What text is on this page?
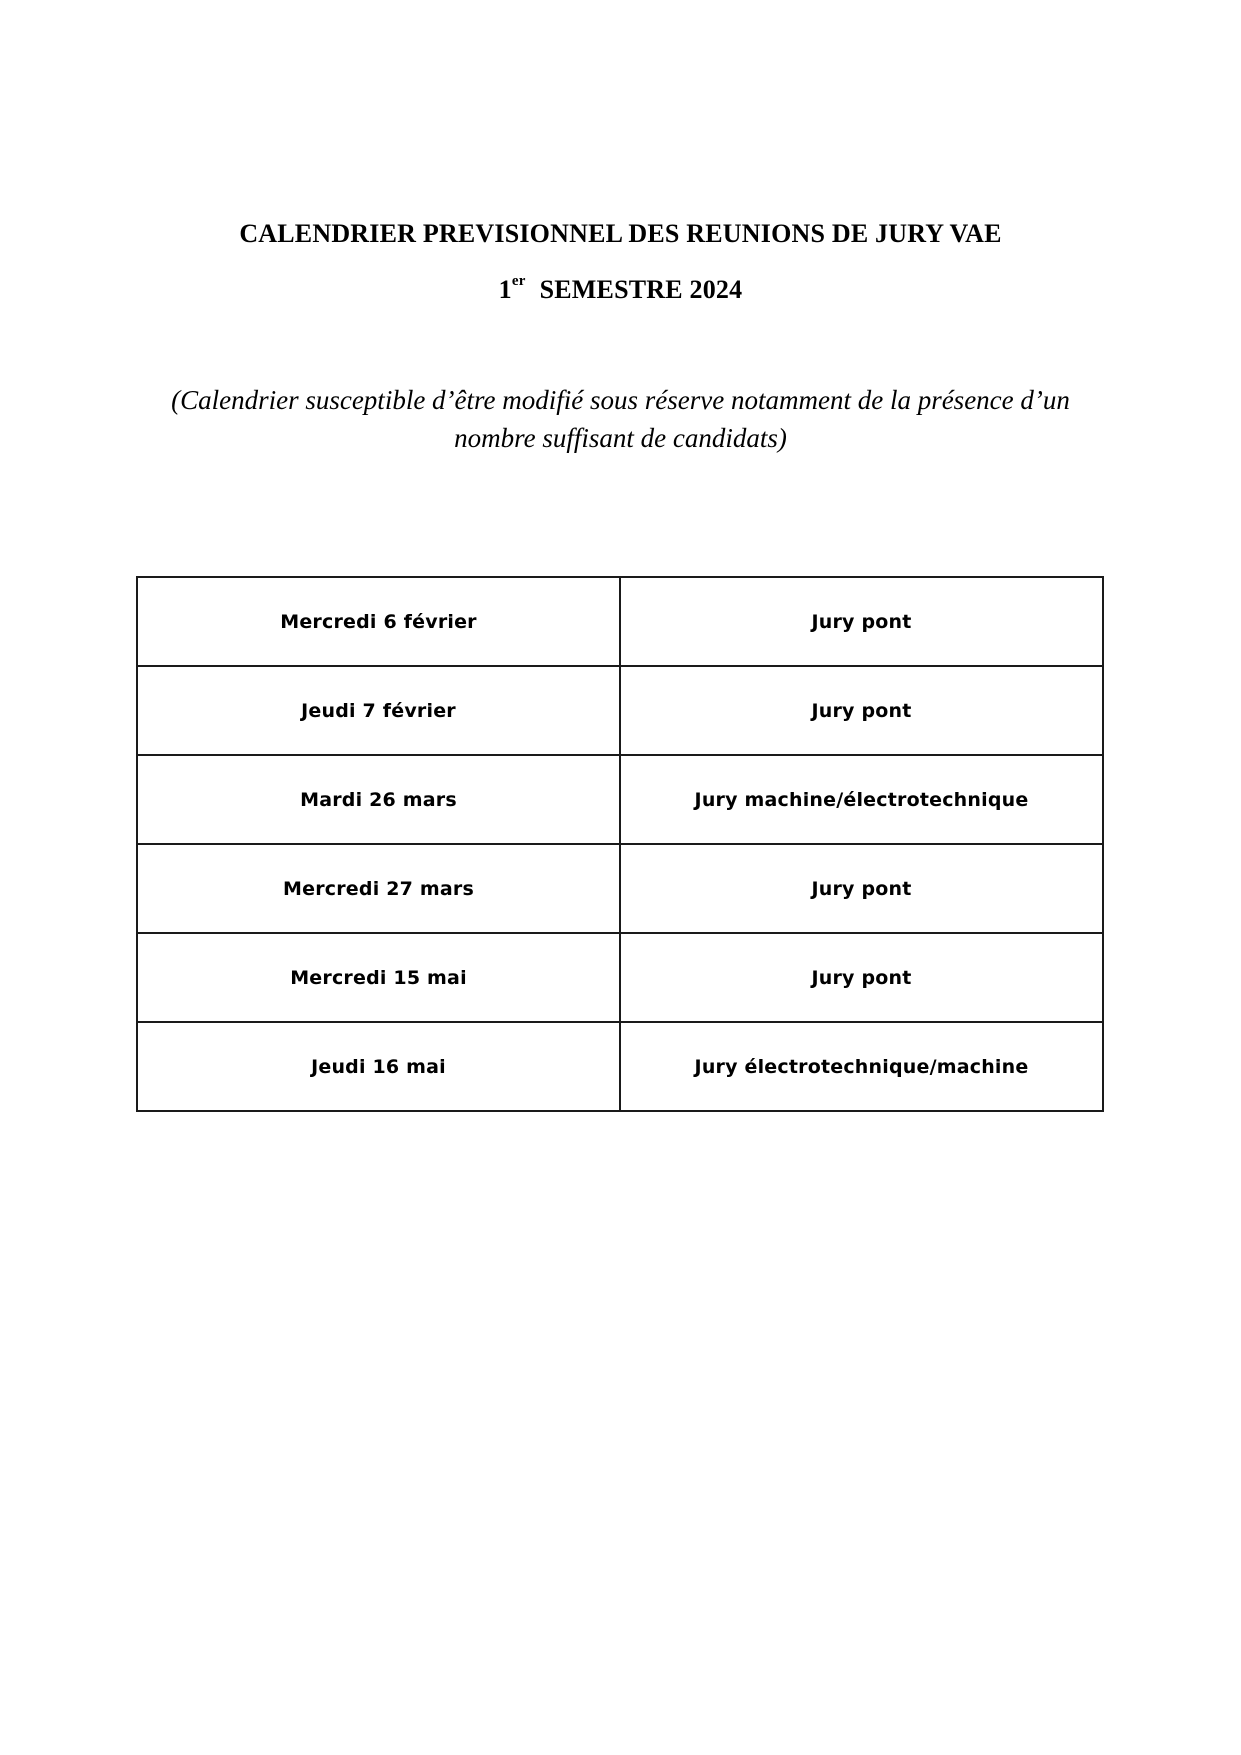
CALENDRIER PREVISIONNEL DES REUNIONS DE JURY VAE
1er SEMESTRE 2024
(Calendrier susceptible d’être modifié sous réserve notamment de la présence d’un
nombre suffisant de candidats)
Mercredi 6 février	Jury pont
Jeudi 7 février	Jury pont
Mardi 26 mars	Jury machine/électrotechnique
Mercredi 27 mars	Jury pont
Mercredi 15 mai	Jury pont
Jeudi 16 mai	Jury électrotechnique/machine
